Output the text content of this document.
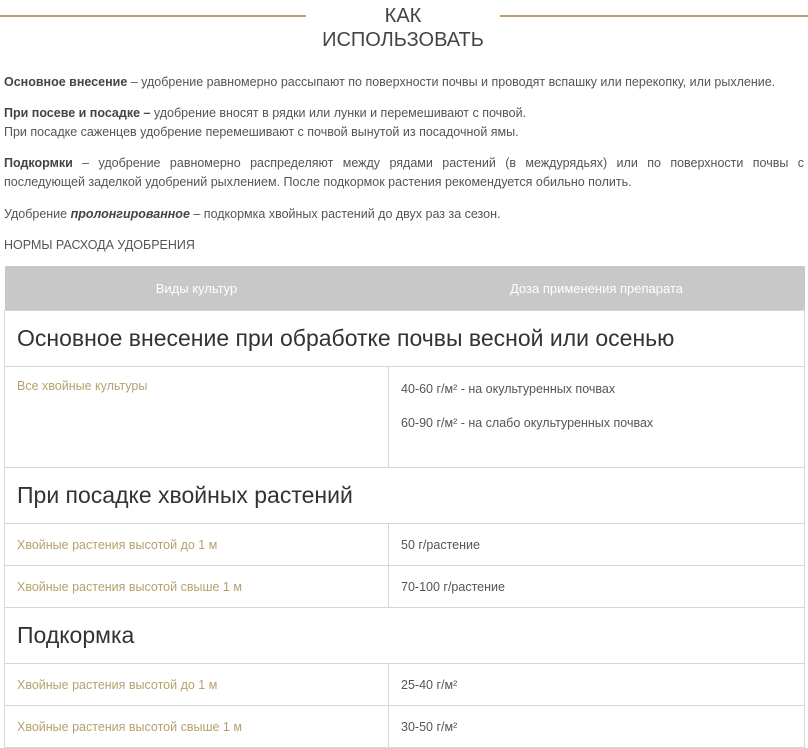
КАК ИСПОЛЬЗОВАТЬ
Основное внесение – удобрение равномерно рассыпают по поверхности почвы и проводят вспашку или перекопку, или рыхление.
При посеве и посадке – удобрение вносят в рядки или лунки и перемешивают с почвой.
При посадке саженцев удобрение перемешивают с почвой вынутой из посадочной ямы.
Подкормки – удобрение равномерно распределяют между рядами растений (в междурядьях) или по поверхности почвы с последующей заделкой удобрений рыхлением. После подкормок растения рекомендуется обильно полить.
Удобрение пролонгированное – подкормка хвойных растений до двух раз за сезон.
НОРМЫ РАСХОДА УДОБРЕНИЯ
Виды культур	Доза применения препарата
Основное внесение при обработке почвы весной или осенью	
Все хвойные культуры	40-60 г/м² - на окультуренных почвах
60-90 г/м² - на слабо окультуренных почвах

При посадке хвойных растений	
Хвойные растения высотой до 1 м	50 г/растение
Хвойные растения высотой свыше 1 м	70-100 г/растение
Подкормка	
Хвойные растения высотой до 1 м	25-40 г/м²
Хвойные растения высотой свыше 1 м	30-50 г/м²
